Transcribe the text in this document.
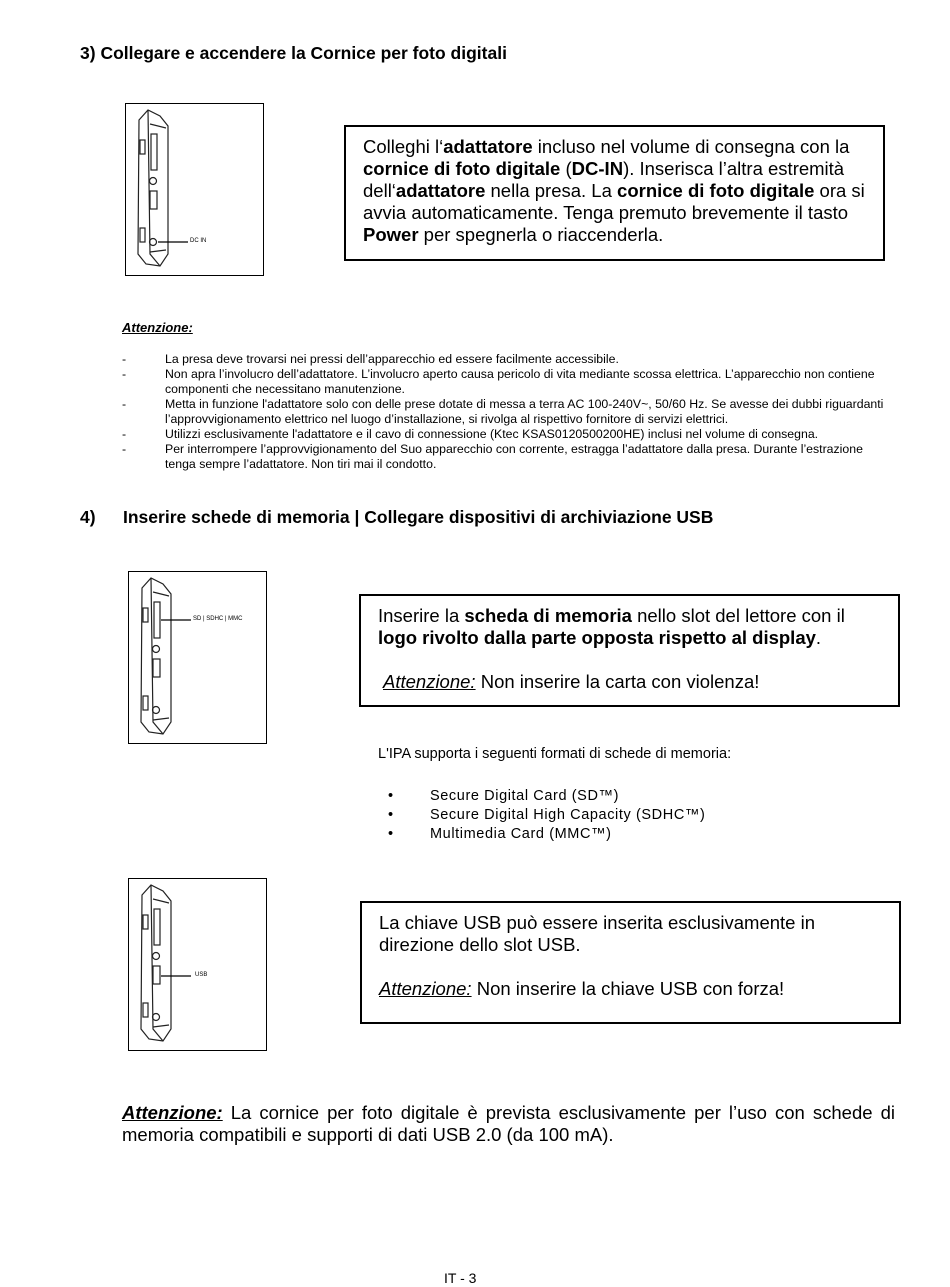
3) Collegare e accendere la Cornice per foto digitali
DC IN
Colleghi l‘adattatore incluso nel volume di consegna con la cornice di foto digitale (DC-IN). Inserisca l’altra estremità dell‘adattatore nella presa. La cornice di foto digitale ora si avvia automaticamente. Tenga premuto brevemente il tasto Power per spegnerla o riaccenderla.
Attenzione:
-	La presa deve trovarsi nei pressi dell’apparecchio ed essere facilmente accessibile.
-	Non apra l’involucro dell’adattatore. L’involucro aperto causa pericolo di vita mediante scossa elettrica. L’apparecchio non contiene componenti che necessitano manutenzione.
-	Metta in funzione l'adattatore solo con delle prese dotate di messa a terra AC 100-240V~, 50/60 Hz. Se avesse dei dubbi riguardanti l’approvvigionamento elettrico nel luogo d’installazione, si rivolga al rispettivo fornitore di servizi elettrici.
-	Utilizzi esclusivamente l'adattatore e il cavo di connessione (Ktec KSAS0120500200HE) inclusi nel volume di consegna.
-	Per interrompere l’approvvigionamento del Suo apparecchio con corrente, estragga l’adattatore dalla presa. Durante l’estrazione tenga sempre l’adattatore. Non tiri mai il condotto.
4) Inserire schede di memoria | Collegare dispositivi di archiviazione USB
SD | SDHC | MMC	Inserire la scheda di memoria nello slot del lettore con il logo rivolto dalla parte opposta rispetto al display.
Attenzione: Non inserire la carta con violenza!
L'IPA supporta i seguenti formati di schede di memoria:
•	Secure Digital Card (SD™)
•	Secure Digital High Capacity (SDHC™)
•	Multimedia Card (MMC™)
USB
La chiave USB può essere inserita esclusivamente in direzione dello slot USB.
Attenzione: Non inserire la chiave USB con forza!
Attenzione: La cornice per foto digitale è prevista esclusivamente per l’uso con schede di memoria compatibili e supporti di dati USB 2.0 (da 100 mA).
IT - 3
